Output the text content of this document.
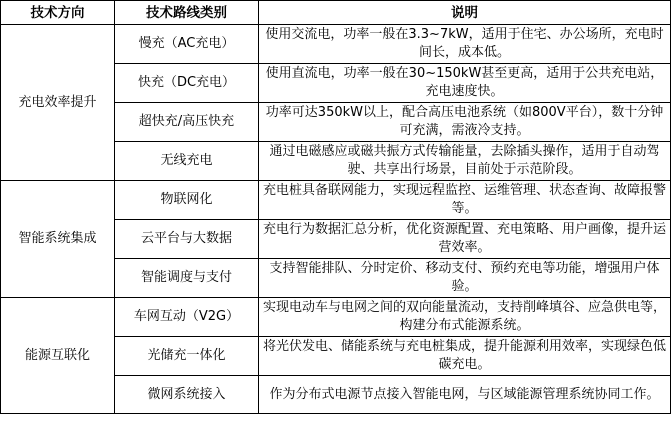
技术方向	技术路线类别	说明
充电效率提升	慢充（AC充电）	使用交流电，功率一般在3.3~7kW，适用于住宅、办公场所，充电时间长，成本低。
	快充（DC充电）	使用直流电，功率一般在30~150kW甚至更高，适用于公共充电站，充电速度快。
	超快充/高压快充	功率可达350kW以上，配合高压电池系统（如800V平台），数十分钟可充满，需液冷支持。
	无线充电	通过电磁感应或磁共振方式传输能量，去除插头操作，适用于自动驾驶、共享出行场景，目前处于示范阶段。
智能系统集成	物联网化	充电桩具备联网能力，实现远程监控、运维管理、状态查询、故障报警等。
	云平台与大数据	充电行为数据汇总分析，优化资源配置、充电策略、用户画像，提升运营效率。
	智能调度与支付	支持智能排队、分时定价、移动支付、预约充电等功能，增强用户体验。
能源互联化	车网互动（V2G）	实现电动车与电网之间的双向能量流动，支持削峰填谷、应急供电等，构建分布式能源系统。
	光储充一体化	将光伏发电、储能系统与充电桩集成，提升能源利用效率，实现绿色低碳充电。
	微网系统接入	作为分布式电源节点接入智能电网，与区域能源管理系统协同工作。
